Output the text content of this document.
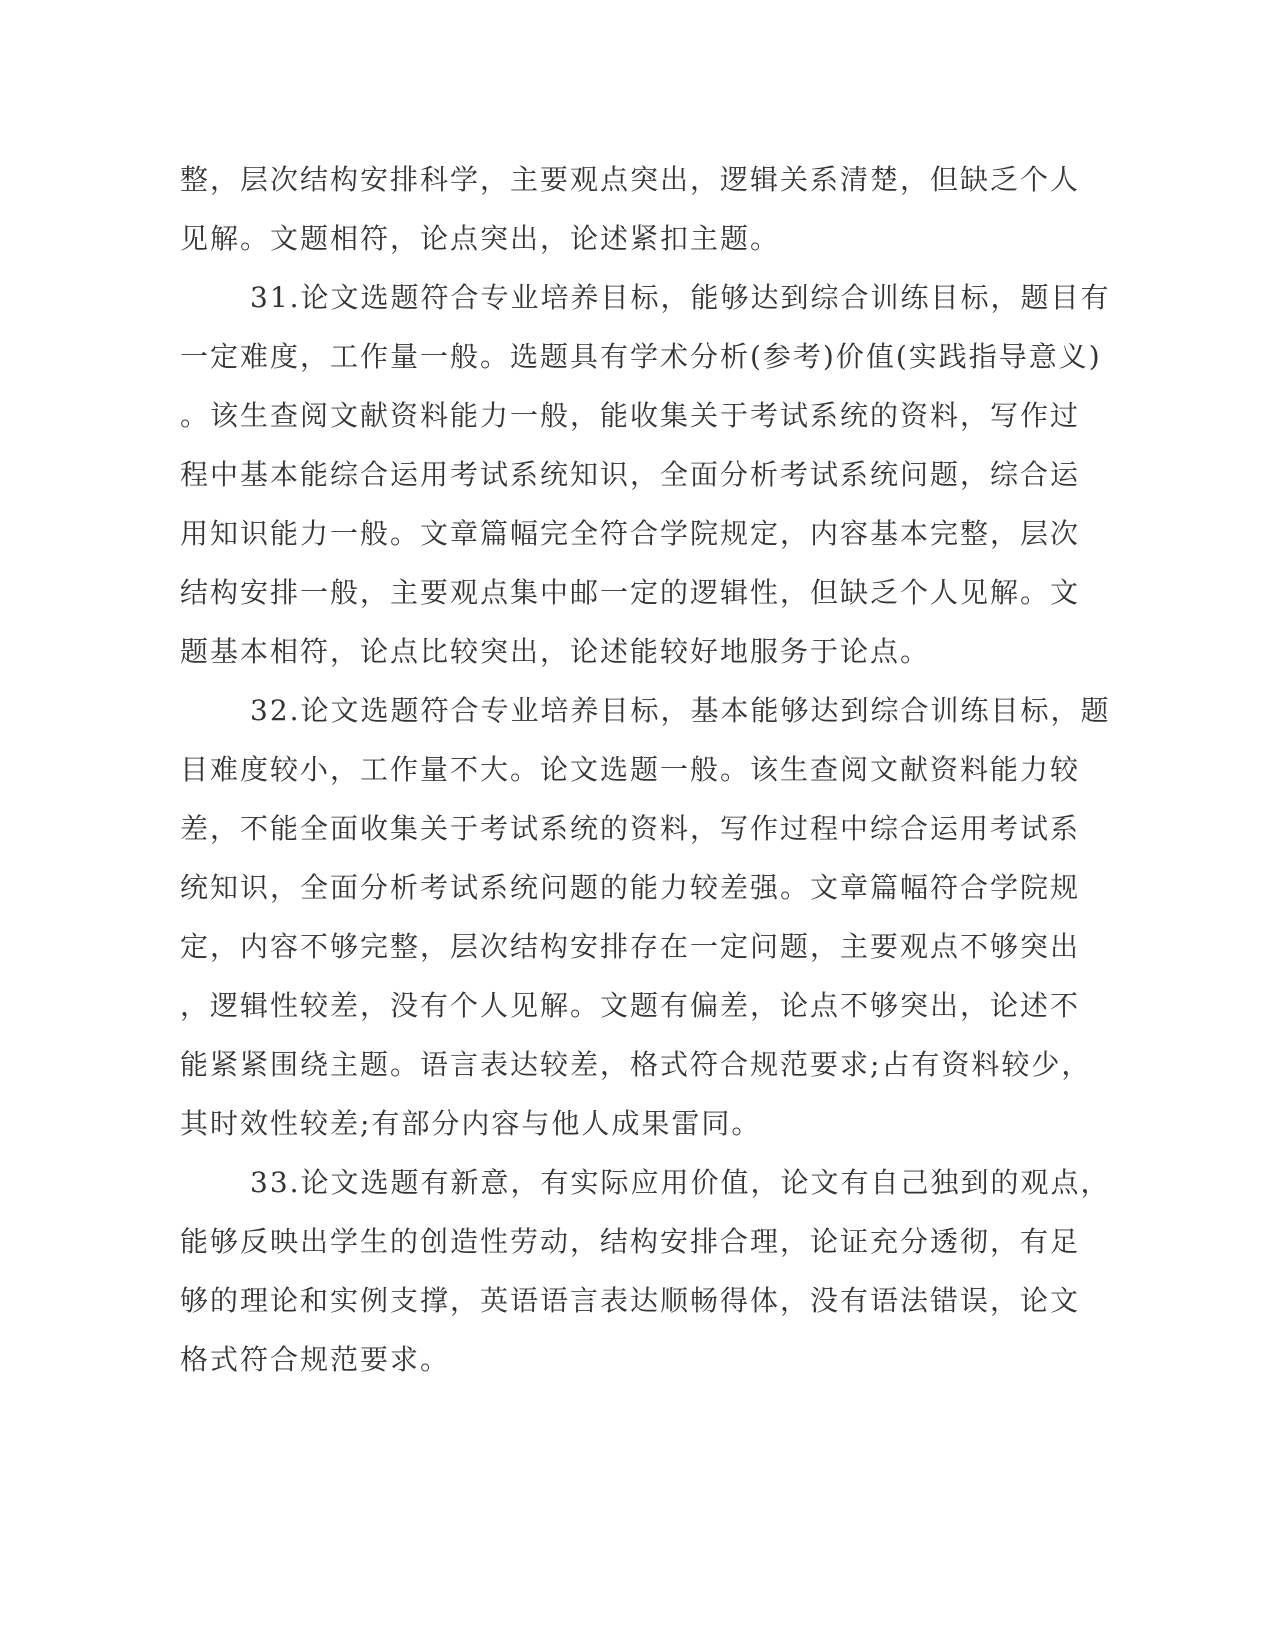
整，层次结构安排科学，主要观点突出，逻辑关系清楚，但缺乏个人
见解。文题相符，论点突出，论述紧扣主题。
31.论文选题符合专业培养目标，能够达到综合训练目标，题目有
一定难度，工作量一般。选题具有学术分析(参考)价值(实践指导意义)
。该生查阅文献资料能力一般，能收集关于考试系统的资料，写作过
程中基本能综合运用考试系统知识，全面分析考试系统问题，综合运
用知识能力一般。文章篇幅完全符合学院规定，内容基本完整，层次
结构安排一般，主要观点集中邮一定的逻辑性，但缺乏个人见解。文
题基本相符，论点比较突出，论述能较好地服务于论点。
32.论文选题符合专业培养目标，基本能够达到综合训练目标，题
目难度较小，工作量不大。论文选题一般。该生查阅文献资料能力较
差，不能全面收集关于考试系统的资料，写作过程中综合运用考试系
统知识，全面分析考试系统问题的能力较差强。文章篇幅符合学院规
定，内容不够完整，层次结构安排存在一定问题，主要观点不够突出
，逻辑性较差，没有个人见解。文题有偏差，论点不够突出，论述不
能紧紧围绕主题。语言表达较差，格式符合规范要求;占有资料较少，
其时效性较差;有部分内容与他人成果雷同。
33.论文选题有新意，有实际应用价值，论文有自己独到的观点，
能够反映出学生的创造性劳动，结构安排合理，论证充分透彻，有足
够的理论和实例支撑，英语语言表达顺畅得体，没有语法错误，论文
格式符合规范要求。
